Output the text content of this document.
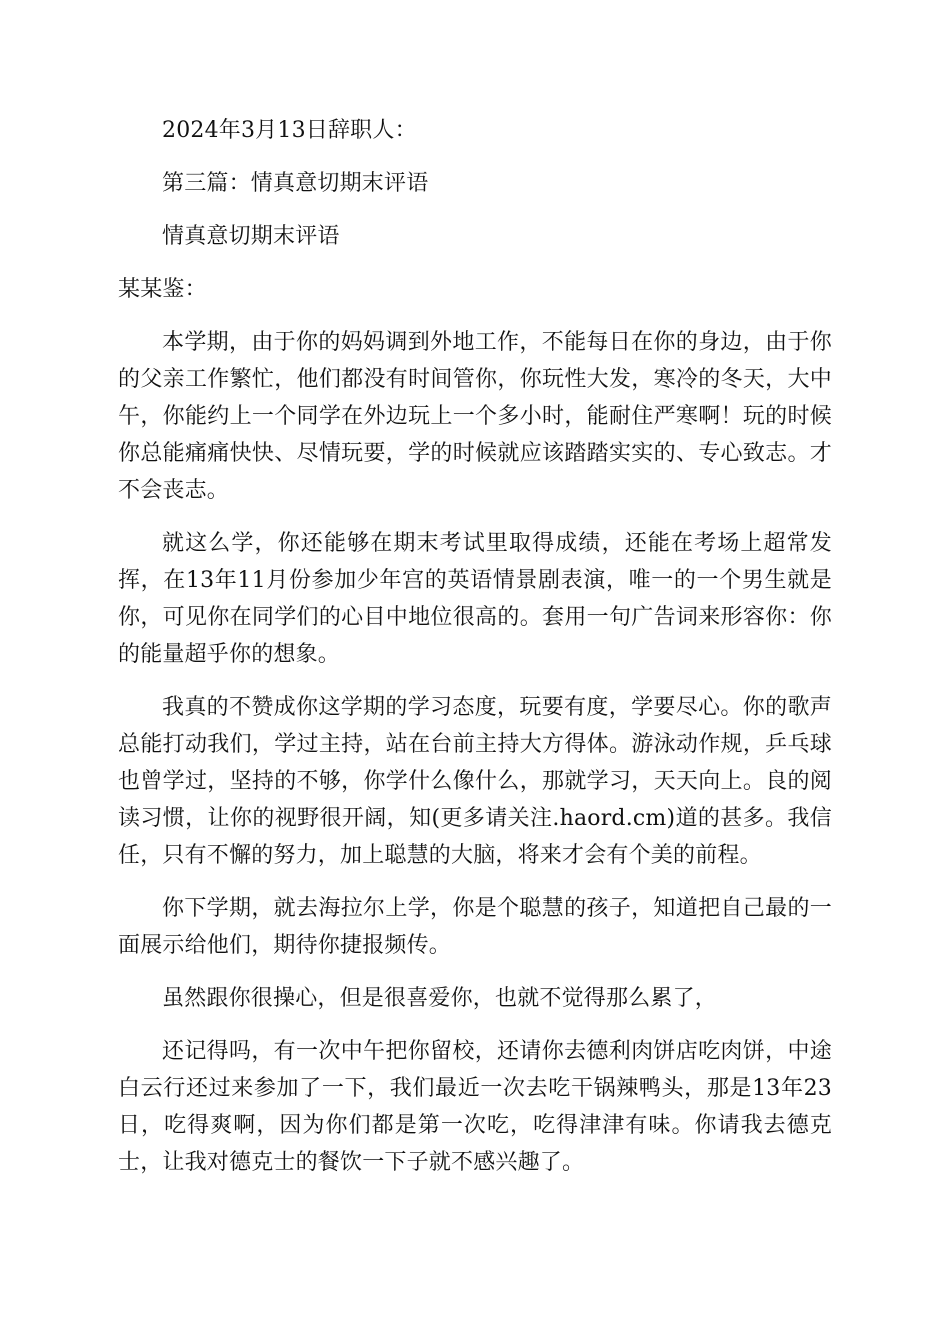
2024年3月13日辞职人：

第三篇：情真意切期末评语

情真意切期末评语

某某鉴：

本学期，由于你的妈妈调到外地工作，不能每日在你的身边，由于你的父亲工作繁忙，他们都没有时间管你，你玩性大发，寒冷的冬天，大中午，你能约上一个同学在外边玩上一个多小时，能耐住严寒啊！玩的时候你总能痛痛快快、尽情玩要，学的时候就应该踏踏实实的、专心致志。才不会丧志。

就这么学，你还能够在期末考试里取得成绩，还能在考场上超常发挥，在13年11月份参加少年宫的英语情景剧表演，唯一的一个男生就是你，可见你在同学们的心目中地位很高的。套用一句广告词来形容你：你的能量超乎你的想象。

我真的不赞成你这学期的学习态度，玩要有度，学要尽心。你的歌声总能打动我们，学过主持，站在台前主持大方得体。游泳动作规，乒乓球也曾学过，坚持的不够，你学什么像什么，那就学习，天天向上。良的阅读习惯，让你的视野很开阔，知(更多请关注.haord.cm)道的甚多。我信任，只有不懈的努力，加上聪慧的大脑，将来才会有个美的前程。

你下学期，就去海拉尔上学，你是个聪慧的孩子，知道把自己最的一面展示给他们，期待你捷报频传。

虽然跟你很操心，但是很喜爱你，也就不觉得那么累了，

还记得吗，有一次中午把你留校，还请你去德利肉饼店吃肉饼，中途白云行还过来参加了一下，我们最近一次去吃干锅辣鸭头，那是13年23日，吃得爽啊，因为你们都是第一次吃，吃得津津有味。你请我去德克士，让我对德克士的餐饮一下子就不感兴趣了。
